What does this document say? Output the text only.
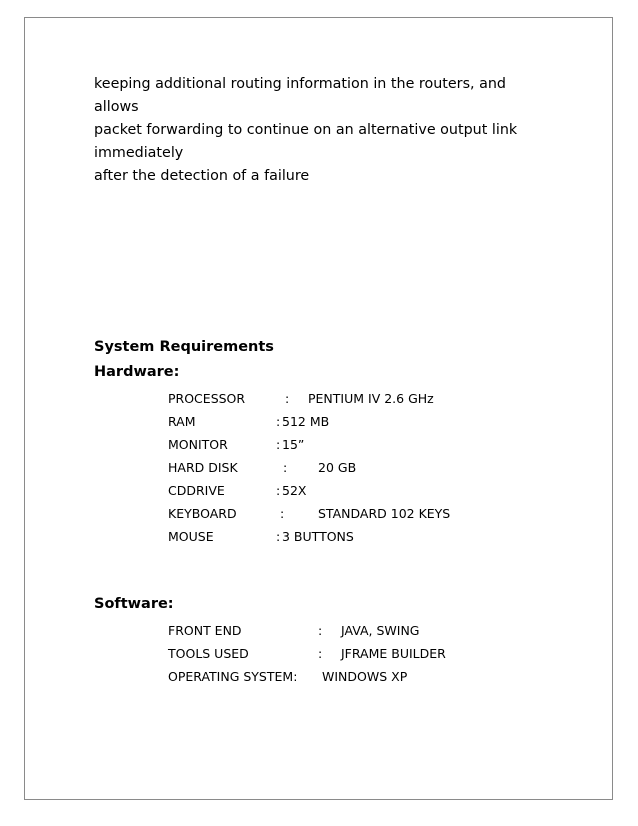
keeping additional routing information in the routers, and
allows
packet forwarding to continue on an alternative output link
immediately
after the detection of a failure
System Requirements
Hardware:
PROCESSOR	: PENTIUM IV 2.6 GHz
RAM	: 512 MB
MONITOR	: 15”
HARD DISK	: 20 GB
CDDRIVE	: 52X
KEYBOARD	:	STANDARD 102 KEYS
MOUSE	: 3 BUTTONS
Software:
FRONT END	: JAVA, SWING
TOOLS USED	: JFRAME BUILDER
OPERATING SYSTEM: WINDOWS XP
